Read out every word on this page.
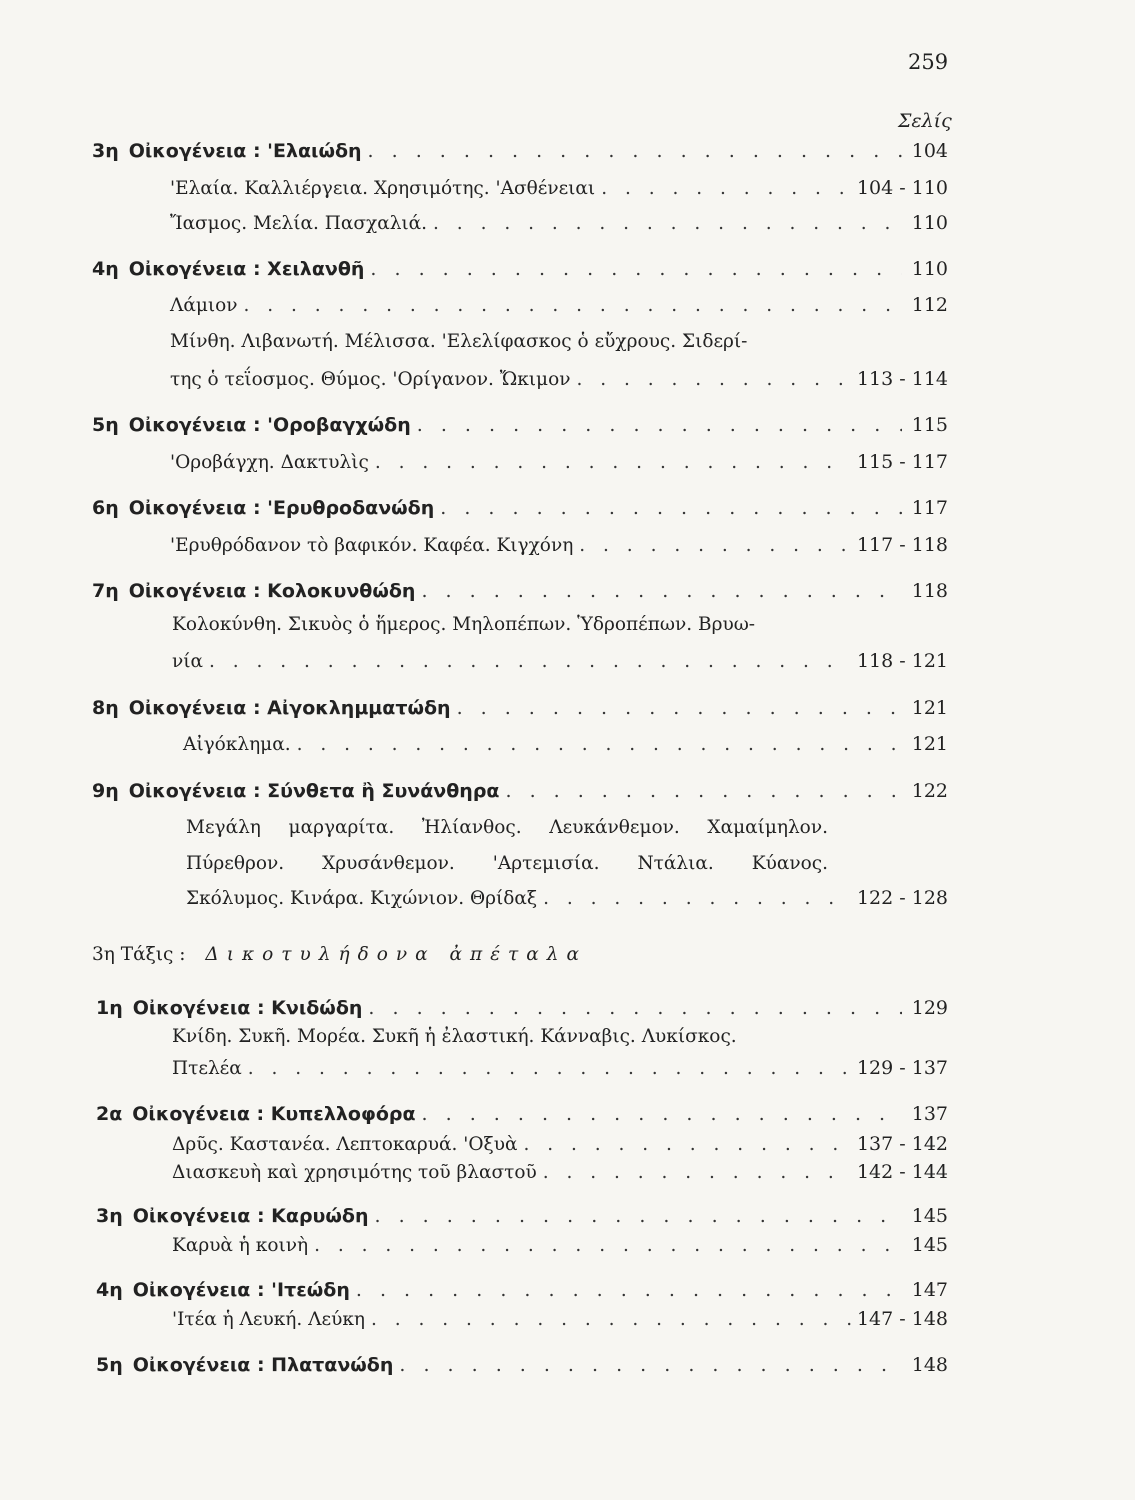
259
Σελίς
3η Οἰκογένεια : 'Ελαιώδη . . .	104
'Ελαία. Καλλιέργεια. Χρησιμότης. 'Ασθένειαι . . .	104 - 110
Ἴασμος. Μελία. Πασχαλιά. . . .	110
4η Οἰκογένεια : Χειλανθῆ . . .	110
Λάμιον . . .	112
Μίνθη. Λιβανωτή. Μέλισσα. 'Ελελίφασκος ὁ εὔχρους. Σιδερί-
της ὁ τεΐοσμος. Θύμος. 'Ορίγανον. Ὤκιμον . . .	113 - 114
5η Οἰκογένεια : 'Οροβαγχώδη . . .	115
'Οροβάγχη. Δακτυλὶς . . .	115 - 117
6η Οἰκογένεια : 'Ερυθροδανώδη . . .	117
'Ερυθρόδανον τὸ βαφικόν. Καφέα. Κιγχόνη . . .	117 - 118
7η Οἰκογένεια : Κολοκυνθώδη . . .	118
Κολοκύνθη. Σικυὸς ὁ ἥμερος. Μηλοπέπων. Ὑδροπέπων. Βρυω-
νία . . .	118 - 121
8η Οἰκογένεια : Αἰγοκλημματώδη . . .	121
Αἰγόκλημα. . . .	121
9η Οἰκογένεια : Σύνθετα ἢ Συνάνθηρα . . .	122
Μεγάλη μαργαρίτα. Ἠλίανθος. Λευκάνθεμον. Χαμαίμηλον.
Πύρεθρον. Χρυσάνθεμον. 'Αρτεμισία. Ντάλια. Κύανος.
Σκόλυμος. Κινάρα. Κιχώνιον. Θρίδαξ . . .	122 - 128
3η Τάξις : Δικοτυλήδονα ἀπέταλα
1η Οἰκογένεια : Κνιδώδη . . .	129
Κνίδη. Συκῆ. Μορέα. Συκῆ ἡ ἐλαστική. Κάνναβις. Λυκίσκος.
Πτελέα . . .	129 - 137
2α Οἰκογένεια : Κυπελλοφόρα . . .	137
Δρῦς. Καστανέα. Λεπτοκαρυά. 'Οξυὰ . . .	137 - 142
Διασκευὴ καὶ χρησιμότης τοῦ βλαστοῦ . . .	142 - 144
3η Οἰκογένεια : Καρυώδη . . .	145
Καρυὰ ἡ κοινὴ . . .	145
4η Οἰκογένεια : 'Ιτεώδη . . .	147
'Ιτέα ἡ Λευκή. Λεύκη . . .	147 - 148
5η Οἰκογένεια : Πλατανώδη . . .	148
